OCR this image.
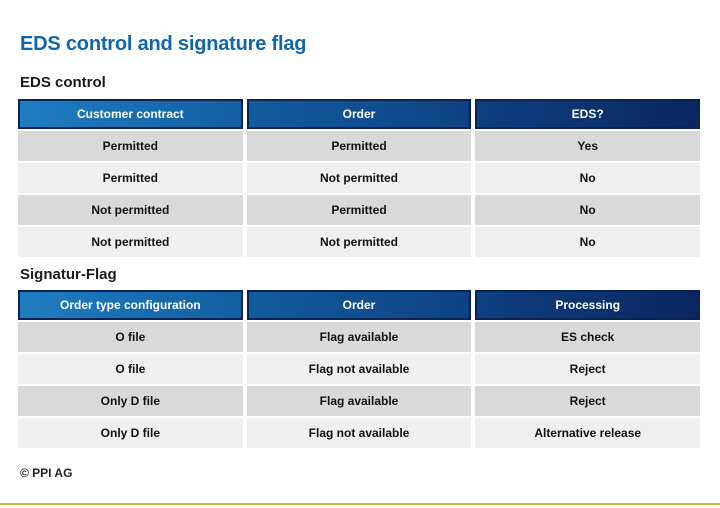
EDS control and signature flag
EDS control
Customer contract	Order	EDS?
Permitted	Permitted	Yes
Permitted	Not permitted	No
Not permitted	Permitted	No
Not permitted	Not permitted	No
Signatur-Flag
Order type configuration	Order	Processing
O file	Flag available	ES check
O file	Flag not available	Reject
Only D file	Flag available	Reject
Only D file	Flag not available	Alternative release
© PPI AG
